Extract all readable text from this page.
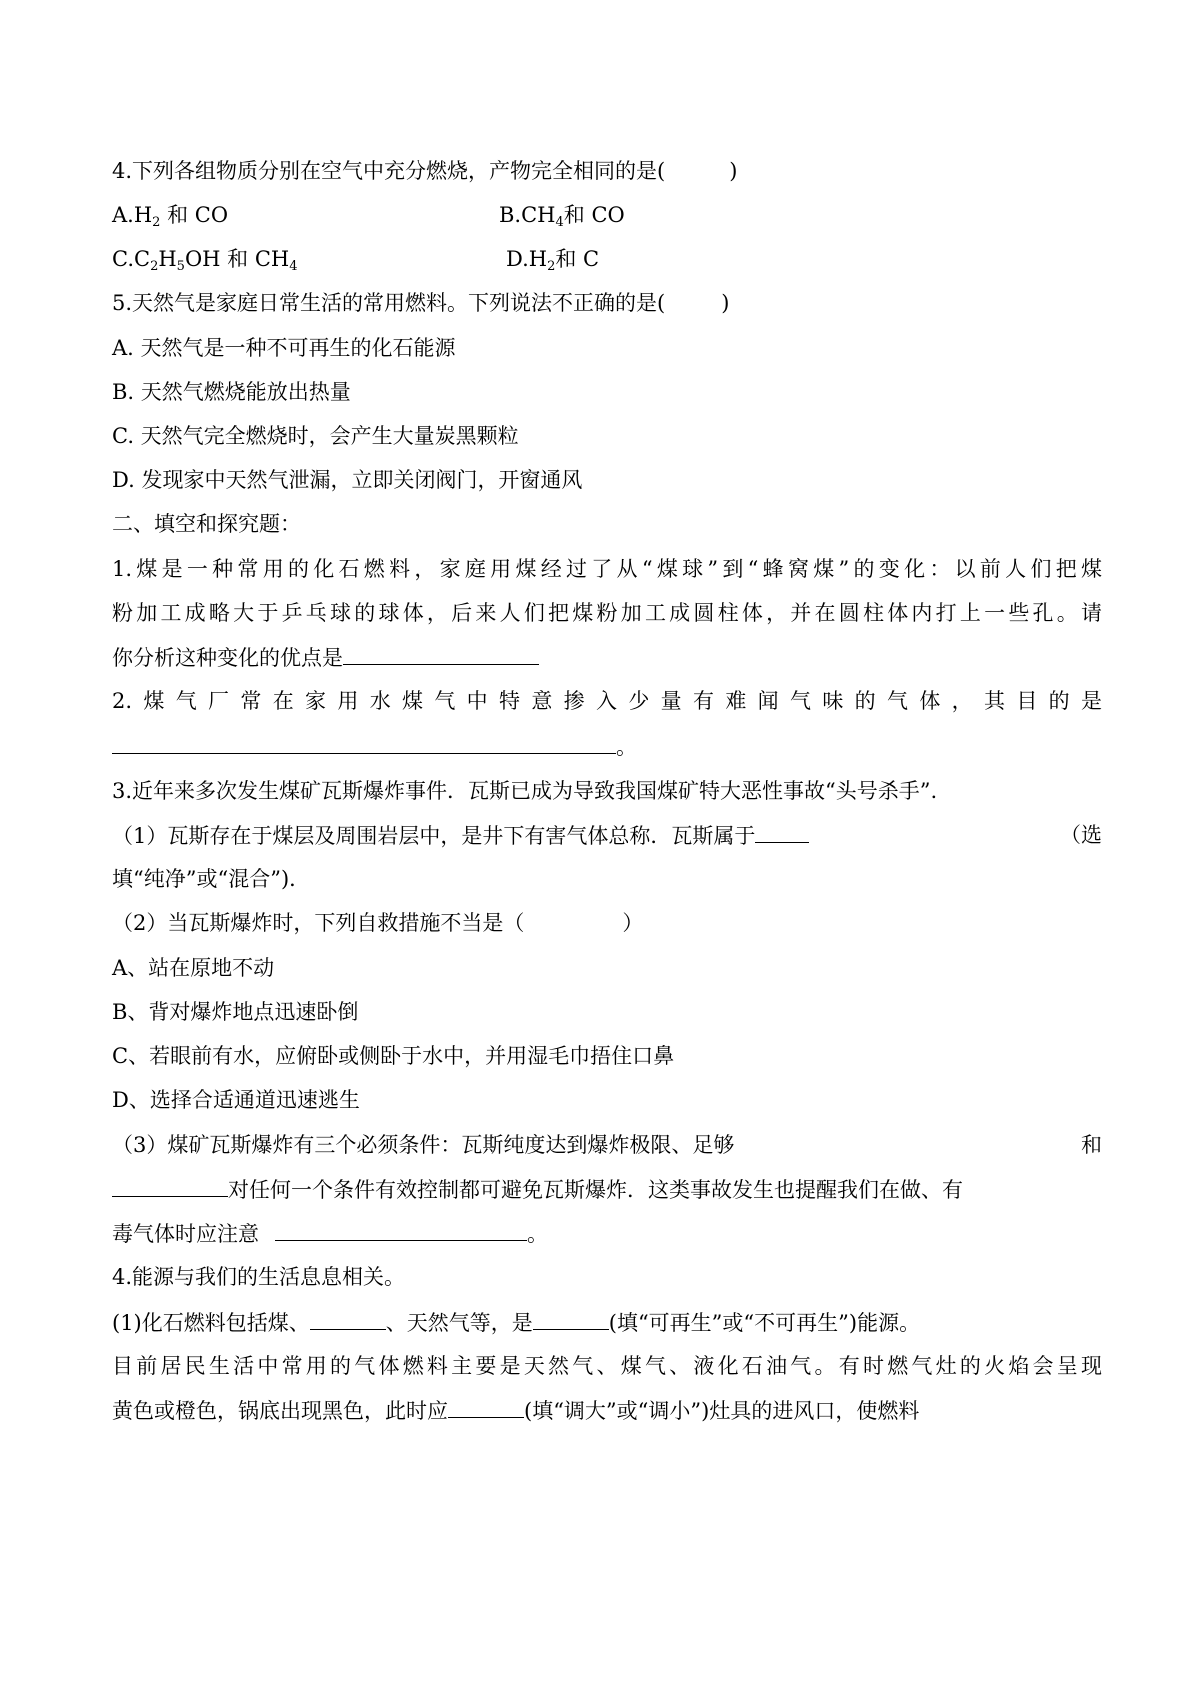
4.下列各组物质分别在空气中充分燃烧，产物完全相同的是(	)
$A.H_2$ 和 CO	$B.CH_4$和 CO
$C.C_2H_5OH$ 和 $CH_4$	$D.H_2$和 C
5.天然气是家庭日常生活的常用燃料。下列说法不正确的是(	)
A. 天然气是一种不可再生的化石能源
B. 天然气燃烧能放出热量
C. 天然气完全燃烧时，会产生大量炭黑颗粒
D. 发现家中天然气泄漏，立即关闭阀门，开窗通风
二、填空和探究题：
1.煤是一种常用的化石燃料，家庭用煤经过了从“煤球”到“蜂窝煤”的变化：以前人们把煤
粉加工成略大于乒乓球的球体，后来人们把煤粉加工成圆柱体，并在圆柱体内打上一些孔。请
你分析这种变化的优点是
2.煤气厂常在家用水煤气中特意掺入少量有难闻气味的气体，其目的是
。
3.近年来多次发生煤矿瓦斯爆炸事件．瓦斯已成为导致我国煤矿特大恶性事故“头号杀手”.
（1）瓦斯存在于煤层及周围岩层中，是井下有害气体总称．瓦斯属于	（选
填“纯净”或“混合”)．
（2）当瓦斯爆炸时，下列自救措施不当是（	）
A、站在原地不动
B、背对爆炸地点迅速卧倒
C、若眼前有水，应俯卧或侧卧于水中，并用湿毛巾捂住口鼻
D、选择合适通道迅速逃生
（3）煤矿瓦斯爆炸有三个必须条件：瓦斯纯度达到爆炸极限、足够	和
对任何一个条件有效控制都可避免瓦斯爆炸．这类事故发生也提醒我们在做、有
毒气体时应注意	。
4.能源与我们的生活息息相关。
(1)化石燃料包括煤、	、天然气等，是	(填“可再生”或“不可再生”)能源。
目前居民生活中常用的气体燃料主要是天然气、煤气、液化石油气。有时燃气灶的火焰会呈现
黄色或橙色，锅底出现黑色，此时应	(填“调大”或“调小”)灶具的进风口，使燃料
